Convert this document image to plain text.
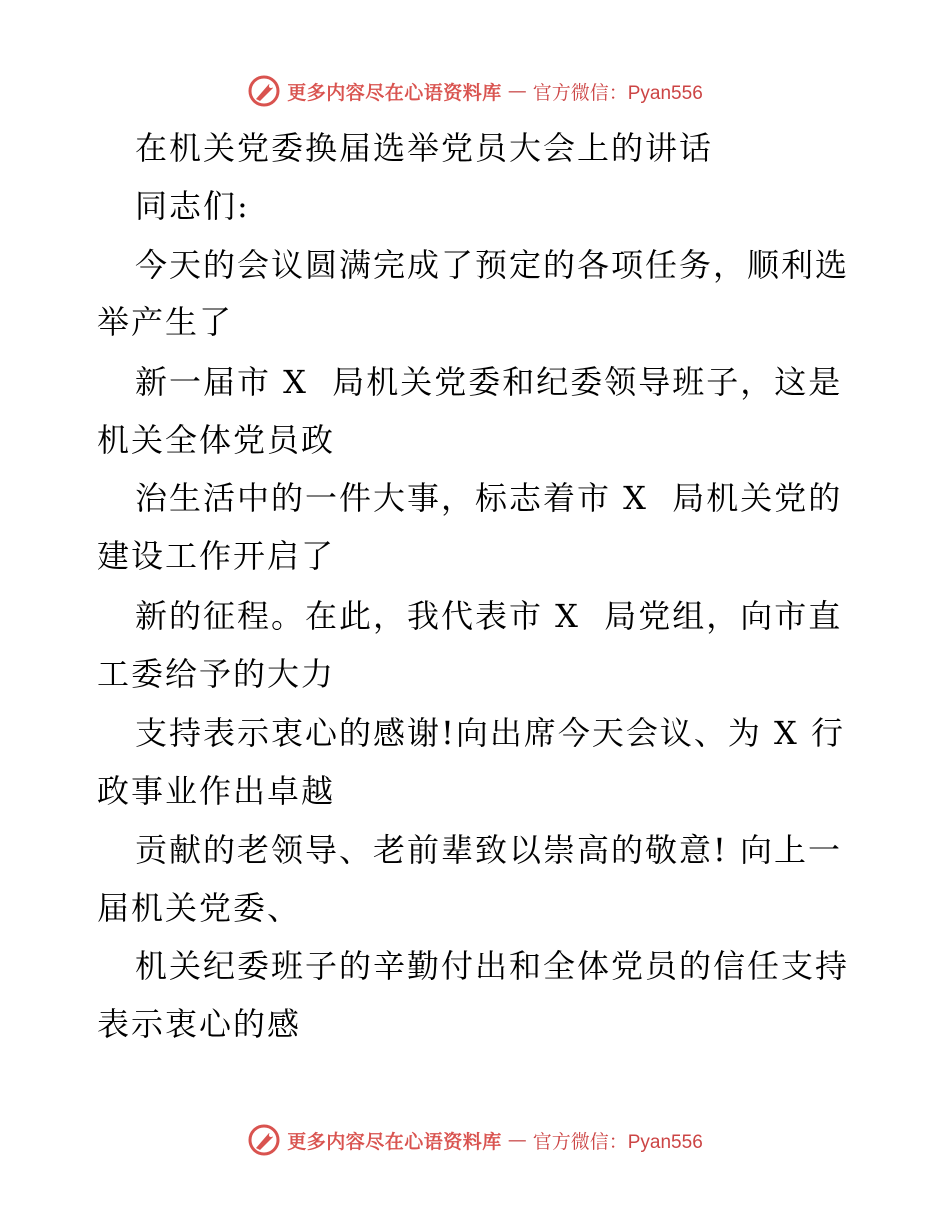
更多内容尽在心语资料库 — 官方微信：Pyan556
在机关党委换届选举党员大会上的讲话
同志们:
今天的会议圆满完成了预定的各项任务，顺利选
举产生了
新一届市 X  局机关党委和纪委领导班子，这是
机关全体党员政
治生活中的一件大事，标志着市 X  局机关党的
建设工作开启了
新的征程。在此，我代表市 X  局党组，向市直
工委给予的大力
支持表示衷心的感谢!向出席今天会议、为 X 行
政事业作出卓越
贡献的老领导、老前辈致以崇高的敬意! 向上一
届机关党委、
机关纪委班子的辛勤付出和全体党员的信任支持
表示衷心的感
更多内容尽在心语资料库 — 官方微信：Pyan556
